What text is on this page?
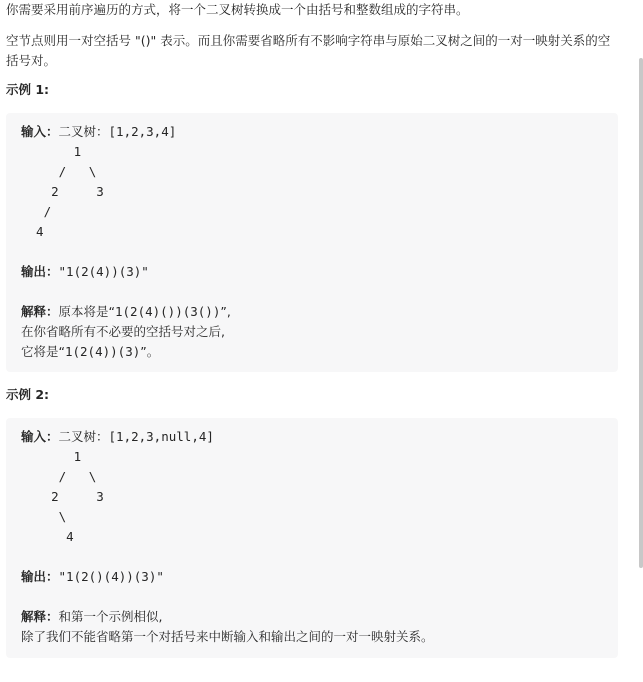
你需要采用前序遍历的方式，将一个二叉树转换成一个由括号和整数组成的字符串。

空节点则用一对空括号 "()" 表示。而且你需要省略所有不影响字符串与原始二叉树之间的一对一映射关系的空括号对。

示例 1:

输入：二叉树：[1,2,3,4]
1
/   \
2     3
/
4
输出："1(2(4))(3)"
解释：原本将是“1(2(4)())(3())”,
在你省略所有不必要的空括号对之后,
它将是“1(2(4))(3)”。

示例 2:

输入：二叉树：[1,2,3,null,4]
1
/   \
2     3
\
4
输出："1(2()(4))(3)"
解释：和第一个示例相似,
除了我们不能省略第一个对括号来中断输入和输出之间的一对一映射关系。
